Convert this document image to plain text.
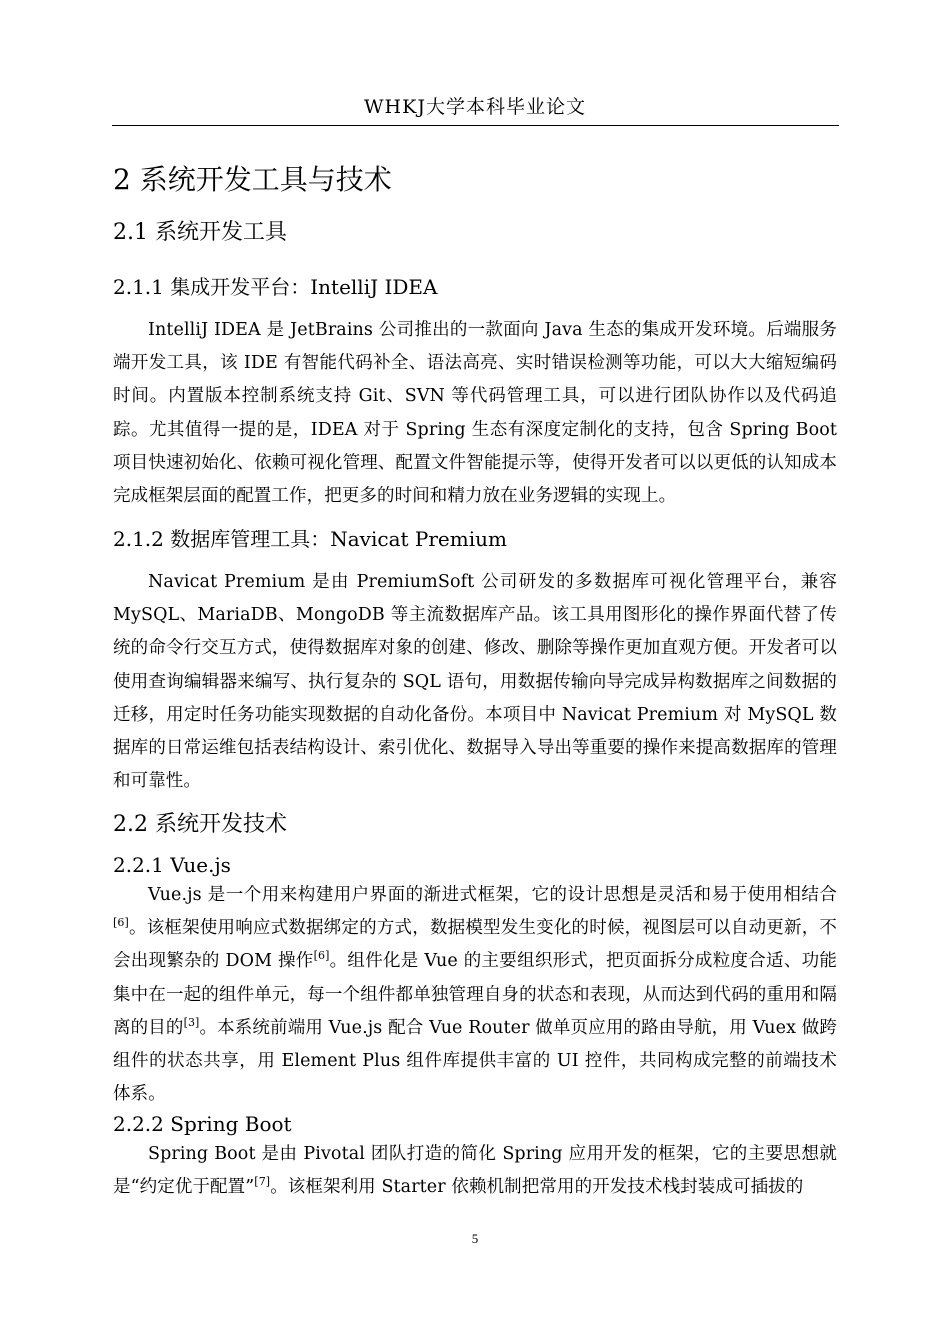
WHKJ大学本科毕业论文
2 系统开发工具与技术
2.1 系统开发工具
2.1.1 集成开发平台：IntelliJ IDEA
IntelliJ IDEA 是 JetBrains 公司推出的一款面向 Java 生态的集成开发环境。后端服务端开发工具，该 IDE 有智能代码补全、语法高亮、实时错误检测等功能，可以大大缩短编码时间。内置版本控制系统支持 Git、SVN 等代码管理工具，可以进行团队协作以及代码追踪。尤其值得一提的是，IDEA 对于 Spring 生态有深度定制化的支持，包含 Spring Boot 项目快速初始化、依赖可视化管理、配置文件智能提示等，使得开发者可以以更低的认知成本完成框架层面的配置工作，把更多的时间和精力放在业务逻辑的实现上。
2.1.2 数据库管理工具：Navicat Premium
Navicat Premium 是由 PremiumSoft 公司研发的多数据库可视化管理平台，兼容 MySQL、MariaDB、MongoDB 等主流数据库产品。该工具用图形化的操作界面代替了传统的命令行交互方式，使得数据库对象的创建、修改、删除等操作更加直观方便。开发者可以使用查询编辑器来编写、执行复杂的 SQL 语句，用数据传输向导完成异构数据库之间数据的迁移，用定时任务功能实现数据的自动化备份。本项目中 Navicat Premium 对 MySQL 数据库的日常运维包括表结构设计、索引优化、数据导入导出等重要的操作来提高数据库的管理和可靠性。
2.2 系统开发技术
2.2.1 Vue.js
Vue.js 是一个用来构建用户界面的渐进式框架，它的设计思想是灵活和易于使用相结合[6]。该框架使用响应式数据绑定的方式，数据模型发生变化的时候，视图层可以自动更新，不会出现繁杂的 DOM 操作[6]。组件化是 Vue 的主要组织形式，把页面拆分成粒度合适、功能集中在一起的组件单元，每一个组件都单独管理自身的状态和表现，从而达到代码的重用和隔离的目的[3]。本系统前端用 Vue.js 配合 Vue Router 做单页应用的路由导航，用 Vuex 做跨组件的状态共享，用 Element Plus 组件库提供丰富的 UI 控件，共同构成完整的前端技术体系。
2.2.2 Spring Boot
Spring Boot 是由 Pivotal 团队打造的简化 Spring 应用开发的框架，它的主要思想就是“约定优于配置”[7]。该框架利用 Starter 依赖机制把常用的开发技术栈封装成可插拔的
5
